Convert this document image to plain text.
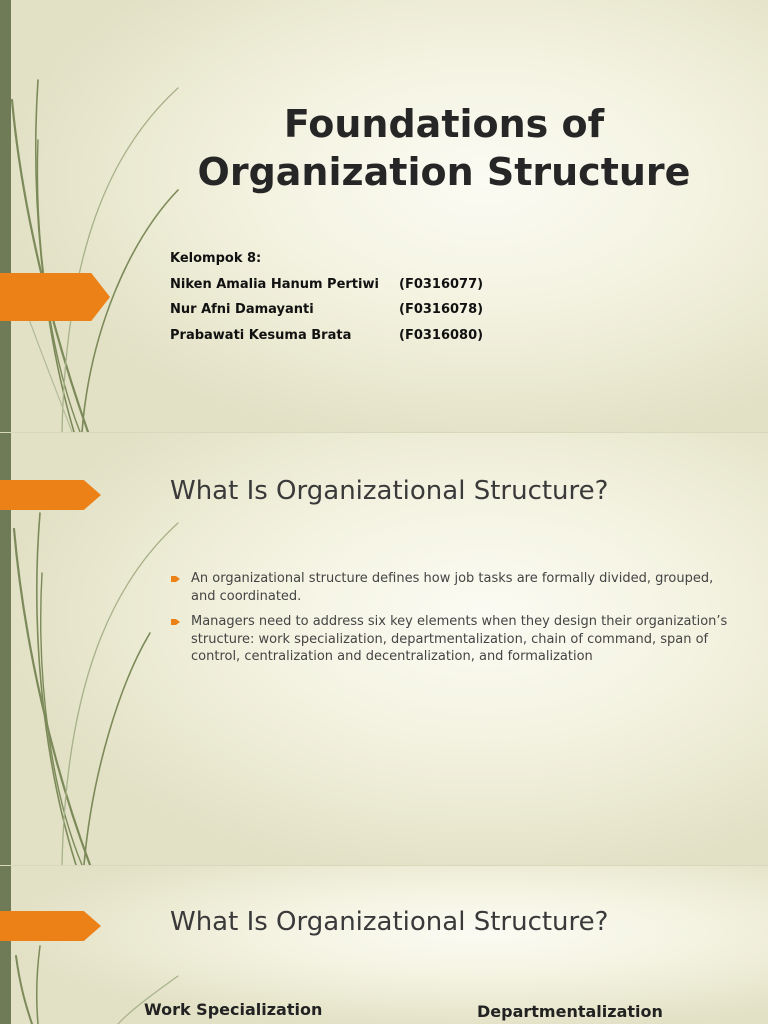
Foundations of
Organization Structure
Kelompok 8:
Niken Amalia Hanum Pertiwi (F0316077)
Nur Afni Damayanti	(F0316078)
Prabawati Kesuma Brata	(F0316080)
What Is Organizational Structure?
An organizational structure defines how job tasks are formally divided, grouped, and coordinated.
Managers need to address six key elements when they design their organization’s structure: work specialization, departmentalization, chain of command, span of control, centralization and decentralization, and formalization
What Is Organizational Structure?
Work Specialization	Departmentalization
